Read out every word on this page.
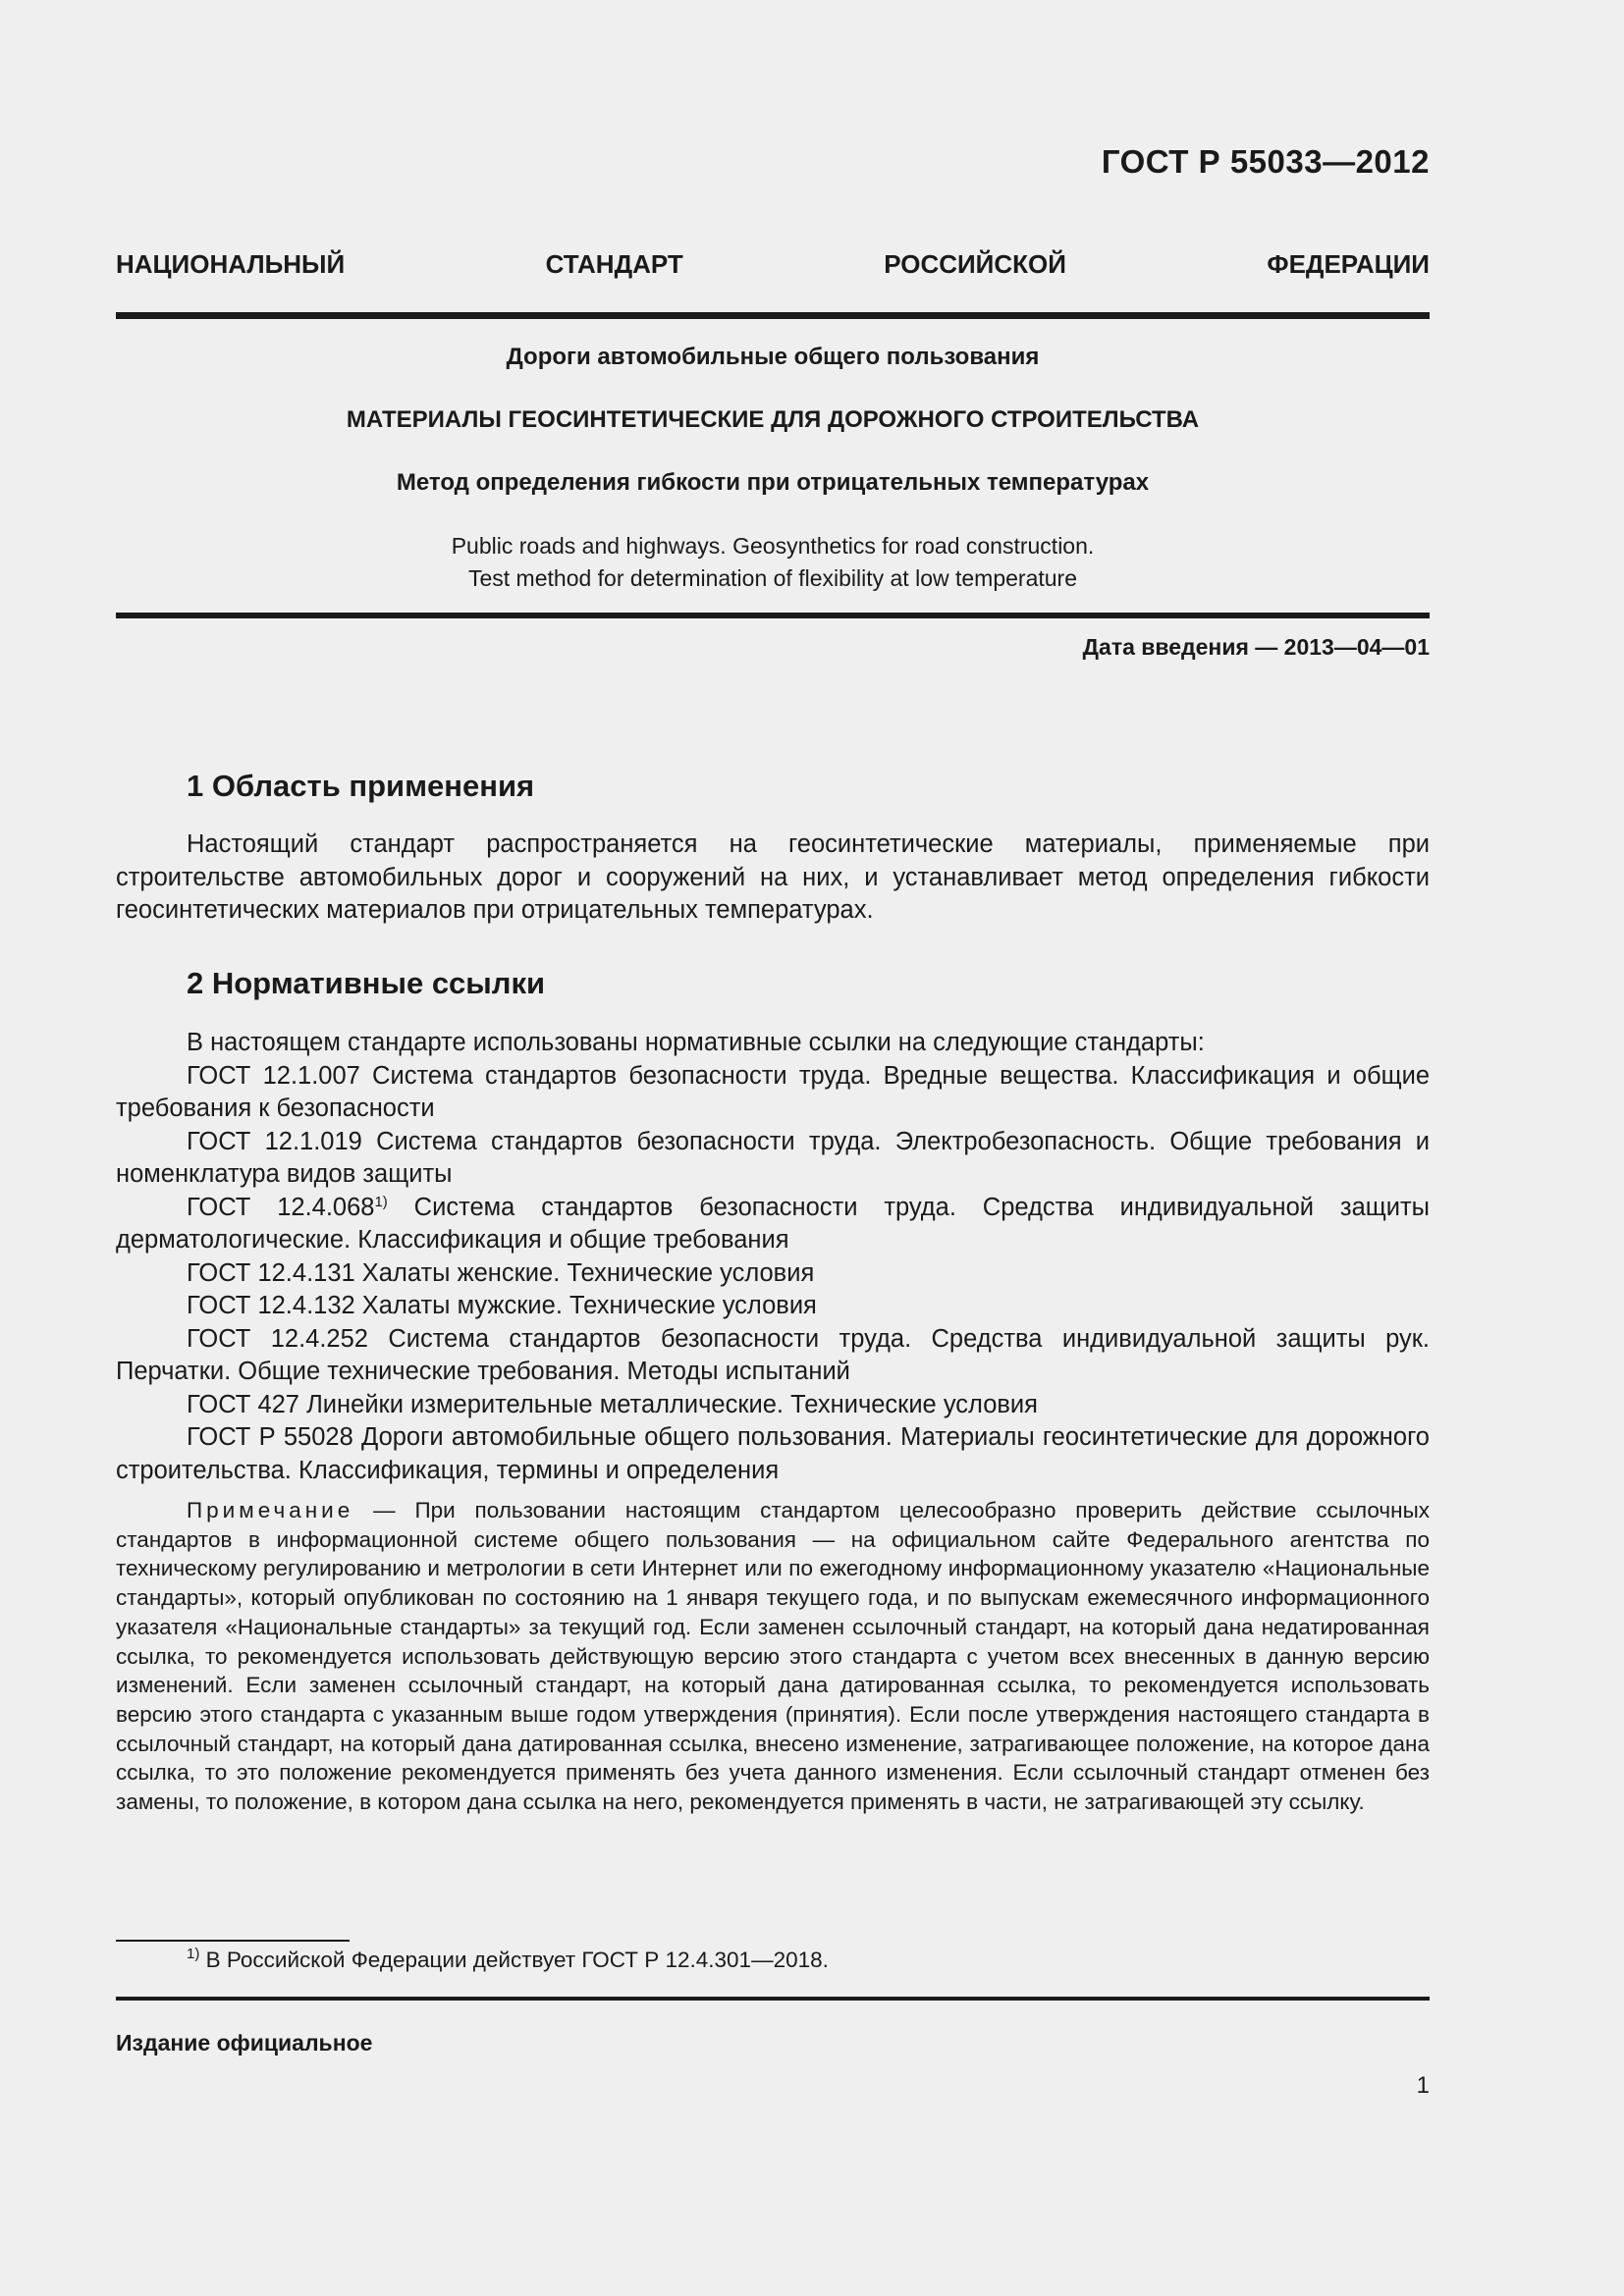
ГОСТ Р 55033—2012
НАЦИОНАЛЬНЫЙ СТАНДАРТ РОССИЙСКОЙ ФЕДЕРАЦИИ
Дороги автомобильные общего пользования
МАТЕРИАЛЫ ГЕОСИНТЕТИЧЕСКИЕ ДЛЯ ДОРОЖНОГО СТРОИТЕЛЬСТВА
Метод определения гибкости при отрицательных температурах
Public roads and highways. Geosynthetics for road construction.
Test method for determination of flexibility at low temperature
Дата введения — 2013—04—01
1 Область применения

Настоящий стандарт распространяется на геосинтетические материалы, применяемые при строительстве автомобильных дорог и сооружений на них, и устанавливает метод определения гибкости геосинтетических материалов при отрицательных температурах.

2 Нормативные ссылки

В настоящем стандарте использованы нормативные ссылки на следующие стандарты:

ГОСТ 12.1.007 Система стандартов безопасности труда. Вредные вещества. Классификация и общие требования к безопасности

ГОСТ 12.1.019 Система стандартов безопасности труда. Электробезопасность. Общие требования и номенклатура видов защиты

ГОСТ 12.4.068$^{1)}$ Система стандартов безопасности труда. Средства индивидуальной защиты дерматологические. Классификация и общие требования

ГОСТ 12.4.131 Халаты женские. Технические условия

ГОСТ 12.4.132 Халаты мужские. Технические условия

ГОСТ 12.4.252 Система стандартов безопасности труда. Средства индивидуальной защиты рук. Перчатки. Общие технические требования. Методы испытаний

ГОСТ 427 Линейки измерительные металлические. Технические условия

ГОСТ Р 55028 Дороги автомобильные общего пользования. Материалы геосинтетические для дорожного строительства. Классификация, термины и определения

Примечание — При пользовании настоящим стандартом целесообразно проверить действие ссылочных стандартов в информационной системе общего пользования — на официальном сайте Федерального агентства по техническому регулированию и метрологии в сети Интернет или по ежегодному информационному указателю «Национальные стандарты», который опубликован по состоянию на 1 января текущего года, и по выпускам ежемесячного информационного указателя «Национальные стандарты» за текущий год. Если заменен ссылочный стандарт, на который дана недатированная ссылка, то рекомендуется использовать действующую версию этого стандарта с учетом всех внесенных в данную версию изменений. Если заменен ссылочный стандарт, на который дана датированная ссылка, то рекомендуется использовать версию этого стандарта с указанным выше годом утверждения (принятия). Если после утверждения настоящего стандарта в ссылочный стандарт, на который дана датированная ссылка, внесено изменение, затрагивающее положение, на которое дана ссылка, то это положение рекомендуется применять без учета данного изменения. Если ссылочный стандарт отменен без замены, то положение, в котором дана ссылка на него, рекомендуется применять в части, не затрагивающей эту ссылку.

$^{1)}$ В Российской Федерации действует ГОСТ Р 12.4.301—2018.
Издание официальное
1
